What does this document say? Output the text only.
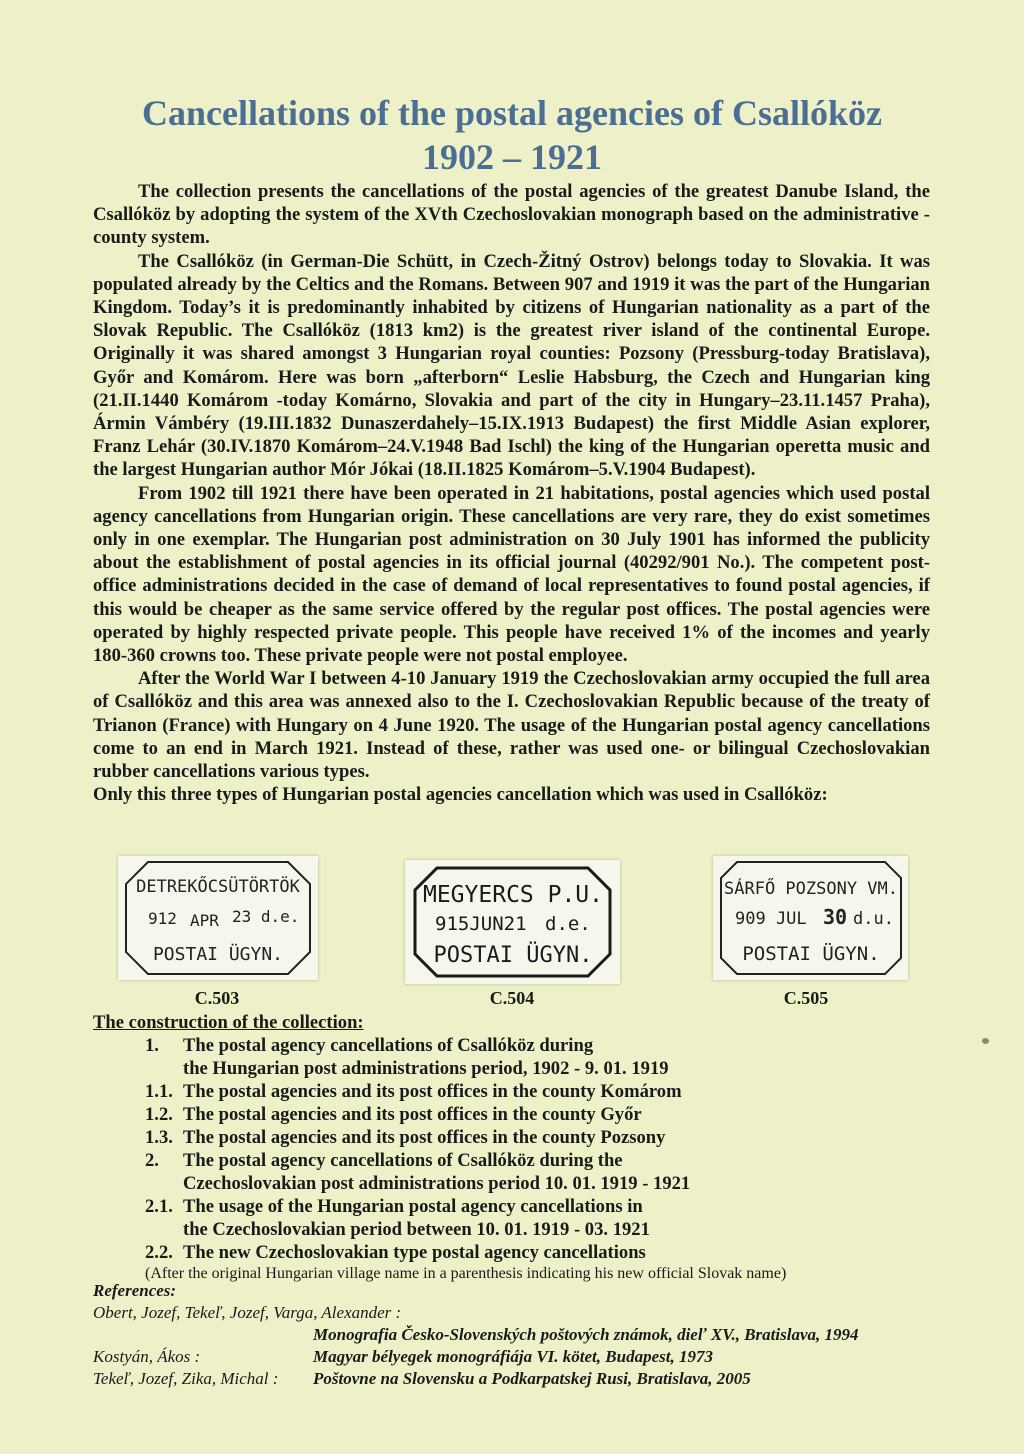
Cancellations of the postal agencies of Csallóköz
1902 – 1921

The collection presents the cancellations of the postal agencies of the greatest Danube Island, the Csallóköz by adopting the system of the XVth Czechoslovakian monograph based on the administrative - county system.

The Csallóköz (in German-Die Schütt, in Czech-Žitný Ostrov) belongs today to Slovakia. It was populated already by the Celtics and the Romans. Between 907 and 1919 it was the part of the Hungarian Kingdom. Today’s it is predominantly inhabited by citizens of Hungarian nationality as a part of the Slovak Republic. The Csallóköz (1813 km2) is the greatest river island of the continental Europe. Originally it was shared amongst 3 Hungarian royal counties: Pozsony (Pressburg-today Bratislava), Győr and Komárom. Here was born „afterborn“ Leslie Habsburg, the Czech and Hungarian king (21.II.1440 Komárom -today Komárno, Slovakia and part of the city in Hungary–23.11.1457 Praha), Ármin Vámbéry (19.III.1832 Dunaszerdahely–15.IX.1913 Budapest) the first Middle Asian explorer, Franz Lehár (30.IV.1870 Komárom–24.V.1948 Bad Ischl) the king of the Hungarian operetta music and the largest Hungarian author Mór Jókai (18.II.1825 Komárom–5.V.1904 Budapest).

From 1902 till 1921 there have been operated in 21 habitations, postal agencies which used postal agency cancellations from Hungarian origin. These cancellations are very rare, they do exist sometimes only in one exemplar. The Hungarian post administration on 30 July 1901 has informed the publicity about the establishment of postal agencies in its official journal (40292/901 No.). The competent post-office administrations decided in the case of demand of local representatives to found postal agencies, if this would be cheaper as the same service offered by the regular post offices. The postal agencies were operated by highly respected private people. This people have received 1% of the incomes and yearly 180-360 crowns too. These private people were not postal employee.

After the World War I between 4-10 January 1919 the Czechoslovakian army occupied the full area of Csallóköz and this area was annexed also to the I. Czechoslovakian Republic because of the treaty of Trianon (France) with Hungary on 4 June 1920. The usage of the Hungarian postal agency cancellations come to an end in March 1921. Instead of these, rather was used one- or bilingual Czechoslovakian rubber cancellations various types.

Only this three types of Hungarian postal agencies cancellation which was used in Csallóköz:

DETREKŐCSÜTÖRTÖK
912 APR 23 d.e.
POSTAI ÜGYN.
MEGYERCS P.U.
915JUN21 d.e.
POSTAI ÜGYN.
SÁRFŐ POZSONY VM.
909 JUL 30 d.u.
POSTAI ÜGYN.
C.503	C.504	C.505
The construction of the collection:
1.	The postal agency cancellations of Csallóköz during
the Hungarian post administrations period, 1902 - 9. 01. 1919
1.1. The postal agencies and its post offices in the county Komárom
1.2. The postal agencies and its post offices in the county Győr
1.3. The postal agencies and its post offices in the county Pozsony
2.	The postal agency cancellations of Csallóköz during the
Czechoslovakian post administrations period 10. 01. 1919 - 1921
2.1. The usage of the Hungarian postal agency cancellations in
the Czechoslovakian period between 10. 01. 1919 - 03. 1921
2.2. The new Czechoslovakian type postal agency cancellations
(After the original Hungarian village name in a parenthesis indicating his new official Slovak name)
References:
Obert, Jozef, Tekeľ, Jozef, Varga, Alexander :
Monografia Česko-Slovenských poštových známok, dieľ XV., Bratislava, 1994
Kostyán, Ákos :	Magyar bélyegek monográfiája VI. kötet, Budapest, 1973
Tekeľ, Jozef, Zika, Michal :	Poštovne na Slovensku a Podkarpatskej Rusi, Bratislava, 2005
